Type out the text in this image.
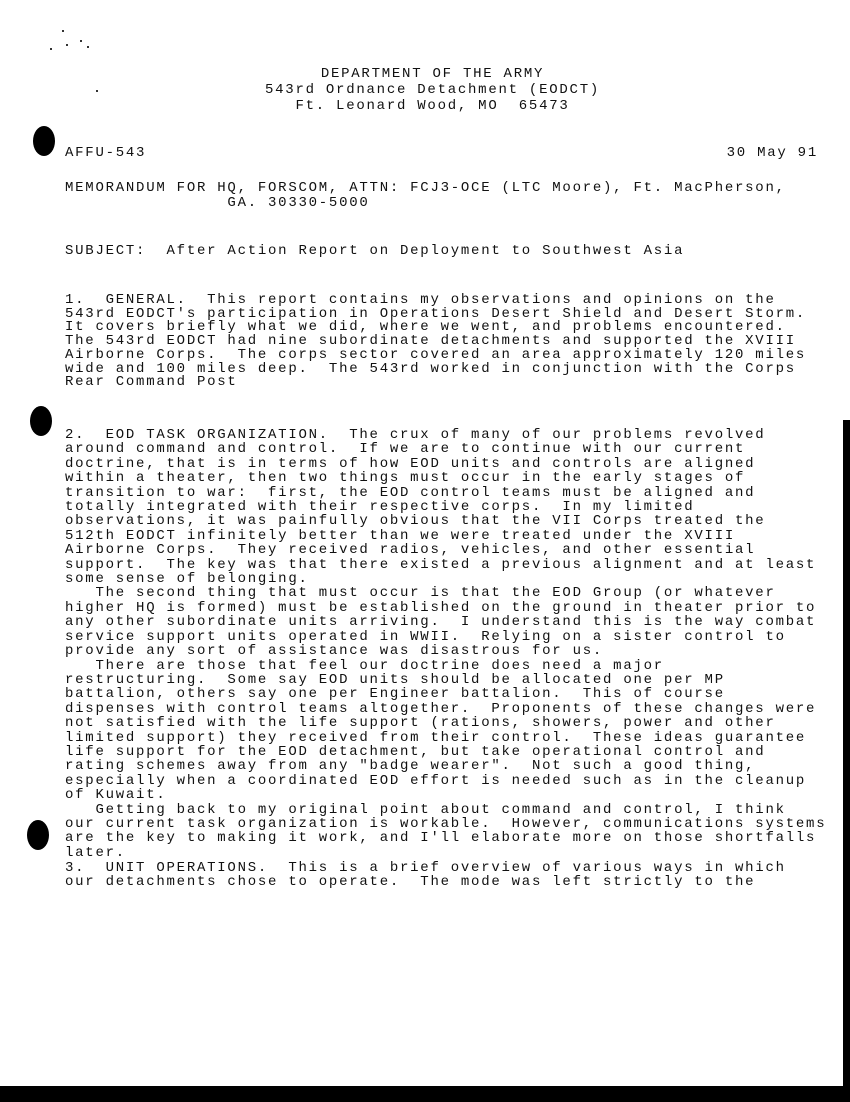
DEPARTMENT OF THE ARMY

543rd Ordnance Detachment (EODCT)

Ft. Leonard Wood, MO  65473

AFFU-543	30 May 91

MEMORANDUM FOR HQ, FORSCOM, ATTN: FCJ3-OCE (LTC Moore), Ft. MacPherson,
GA. 30330-5000

SUBJECT:  After Action Report on Deployment to Southwest Asia

1.  GENERAL.  This report contains my observations and opinions on the
543rd EODCT's participation in Operations Desert Shield and Desert Storm.
It covers briefly what we did, where we went, and problems encountered.
The 543rd EODCT had nine subordinate detachments and supported the XVIII
Airborne Corps.  The corps sector covered an area approximately 120 miles
wide and 100 miles deep.  The 543rd worked in conjunction with the Corps
Rear Command Post

2.  EOD TASK ORGANIZATION.  The crux of many of our problems revolved
around command and control.  If we are to continue with our current
doctrine, that is in terms of how EOD units and controls are aligned
within a theater, then two things must occur in the early stages of
transition to war:  first, the EOD control teams must be aligned and
totally integrated with their respective corps.  In my limited
observations, it was painfully obvious that the VII Corps treated the
512th EODCT infinitely better than we were treated under the XVIII
Airborne Corps.  They received radios, vehicles, and other essential
support.  The key was that there existed a previous alignment and at least
some sense of belonging.
The second thing that must occur is that the EOD Group (or whatever
higher HQ is formed) must be established on the ground in theater prior to
any other subordinate units arriving.  I understand this is the way combat
service support units operated in WWII.  Relying on a sister control to
provide any sort of assistance was disastrous for us.
There are those that feel our doctrine does need a major
restructuring.  Some say EOD units should be allocated one per MP
battalion, others say one per Engineer battalion.  This of course
dispenses with control teams altogether.  Proponents of these changes were
not satisfied with the life support (rations, showers, power and other
limited support) they received from their control.  These ideas guarantee
life support for the EOD detachment, but take operational control and
rating schemes away from any "badge wearer".  Not such a good thing,
especially when a coordinated EOD effort is needed such as in the cleanup
of Kuwait.
Getting back to my original point about command and control, I think
our current task organization is workable.  However, communications systems
are the key to making it work, and I'll elaborate more on those shortfalls
later.

3.  UNIT OPERATIONS.  This is a brief overview of various ways in which
our detachments chose to operate.  The mode was left strictly to the
